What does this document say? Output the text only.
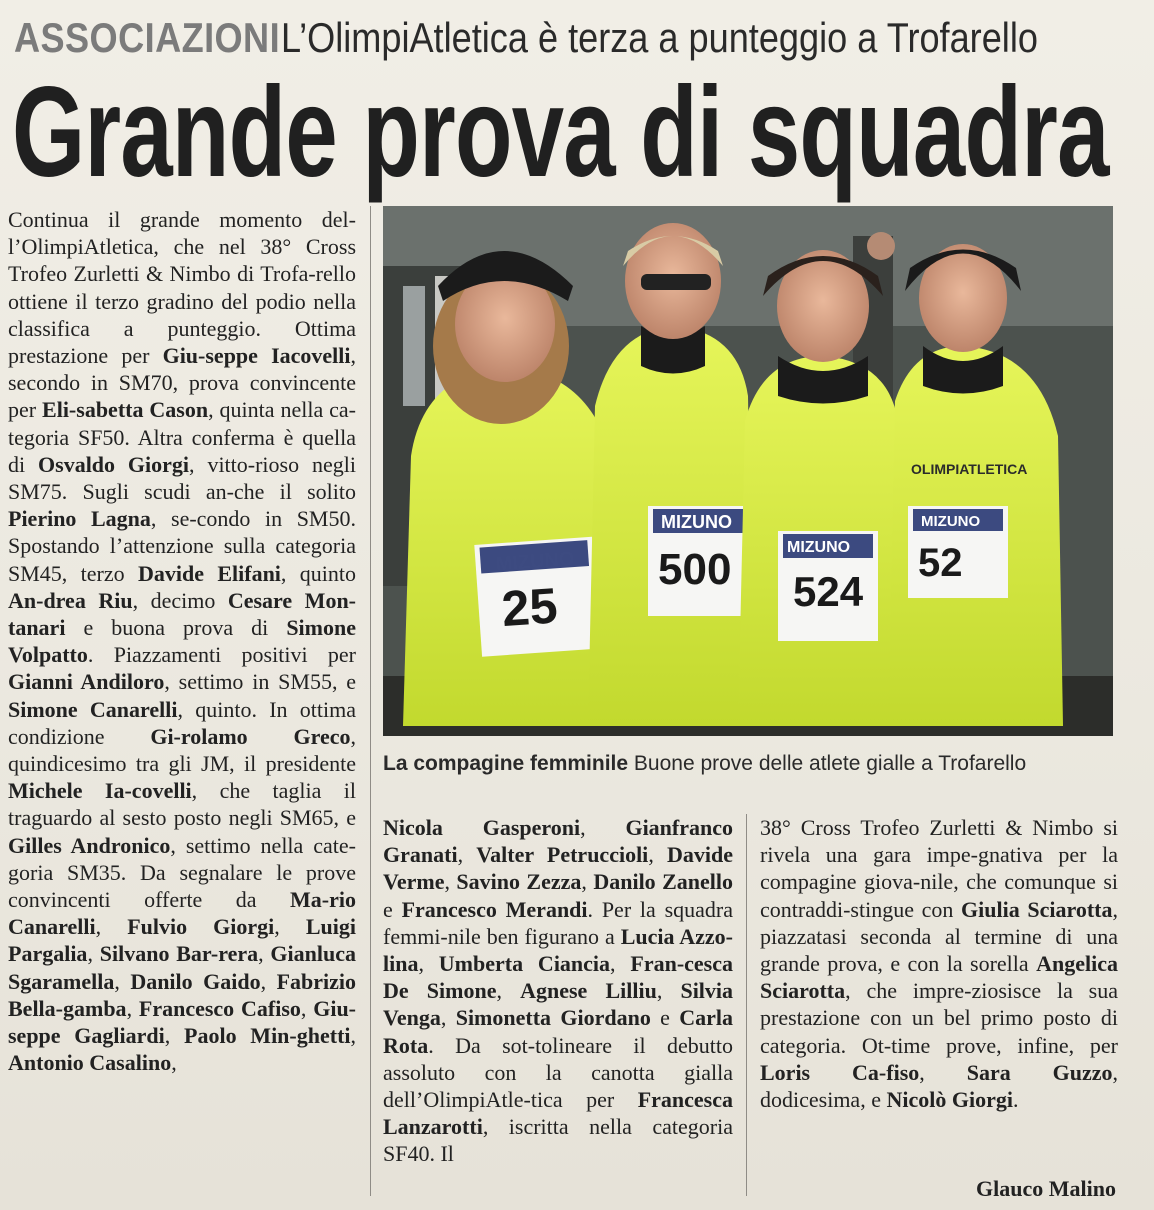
ASSOCIAZIONI L’OlimpiAtletica è terza a punteggio a Trofarello
Grande prova di squadra

Continua il grande momento del-l’OlimpiAtletica, che nel 38° Cross Trofeo Zurletti & Nimbo di Trofa-rello ottiene il terzo gradino del podio nella classifica a punteggio. Ottima prestazione per Giu-seppe Iacovelli, secondo in SM70, prova convincente per Eli-sabetta Cason, quinta nella ca-tegoria SF50. Altra conferma è quella di Osvaldo Giorgi, vitto-rioso negli SM75. Sugli scudi an-che il solito Pierino Lagna, se-condo in SM50. Spostando l’attenzione sulla categoria SM45, terzo Davide Elifani, quinto An-drea Riu, decimo Cesare Mon-tanari e buona prova di Simone Volpatto. Piazzamenti positivi per Gianni Andiloro, settimo in SM55, e Simone Canarelli, quinto. In ottima condizione Gi-rolamo Greco, quindicesimo tra gli JM, il presidente Michele Ia-covelli, che taglia il traguardo al sesto posto negli SM65, e Gilles Andronico, settimo nella cate-goria SM35. Da segnalare le prove convincenti offerte da Ma-rio Canarelli, Fulvio Giorgi, Luigi Pargalia, Silvano Bar-rera, Gianluca Sgaramella, Danilo Gaido, Fabrizio Bella-gamba, Francesco Cafiso, Giu-seppe Gagliardi, Paolo Min-ghetti, Antonio Casalino,

25
MIZUNO
500 524
MIZUNO 52
MIZUNO
OLIMPIATLETICA
La compagine femminile Buone prove delle atlete gialle a Trofarello

Nicola Gasperoni, Gianfranco Granati, Valter Petruccioli, Davide Verme, Savino Zezza, Danilo Zanello e Francesco Merandi. Per la squadra femmi-nile ben figurano a Lucia Azzo-lina, Umberta Ciancia, Fran-cesca De Simone, Agnese Lilliu, Silvia Venga, Simonetta Giordano e Carla Rota. Da sot-tolineare il debutto assoluto con la canotta gialla dell’OlimpiAtle-tica per Francesca Lanzarotti, iscritta nella categoria SF40. Il

38° Cross Trofeo Zurletti & Nimbo si rivela una gara impe-gnativa per la compagine giova-nile, che comunque si contraddi-stingue con Giulia Sciarotta, piazzatasi seconda al termine di una grande prova, e con la sorella Angelica Sciarotta, che impre-ziosisce la sua prestazione con un bel primo posto di categoria. Ot-time prove, infine, per Loris Ca-fiso, Sara Guzzo, dodicesima, e Nicolò Giorgi.

Glauco Malino
